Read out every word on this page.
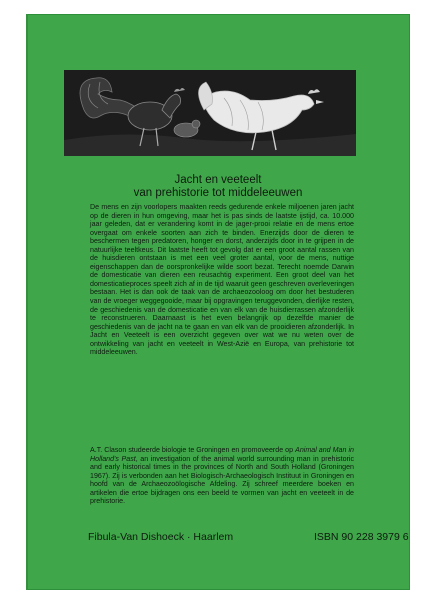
Jacht en veeteelt
van prehistorie tot middeleeuwen

De mens en zijn voorlopers maakten reeds gedurende enkele miljoenen jaren jacht op de dieren in hun omgeving, maar het is pas sinds de laatste ijstijd, ca. 10.000 jaar geleden, dat er verandering komt in de jager-prooi relatie en de mens ertoe overgaat om enkele soorten aan zich te binden. Enerzijds door de dieren te beschermen tegen predatoren, honger en dorst, anderzijds door in te grijpen in de natuurlijke teeltkeus. Dit laatste heeft tot gevolg dat er een groot aantal rassen van de huisdieren ontstaan is met een veel groter aantal, voor de mens, nuttige eigenschappen dan de oorspronkelijke wilde soort bezat. Terecht noemde Darwin de domesticatie van dieren een reusachtig experiment. Een groot deel van het domesticatieproces speelt zich af in de tijd waaruit geen geschreven overleveringen bestaan. Het is dan ook de taak van de archaeozooloog om door het bestuderen van de vroeger weggegooide, maar bij opgravingen teruggevonden, dierlijke resten, de geschiedenis van de domesticatie en van elk van de huisdierrassen afzonderlijk te reconstrueren. Daarnaast is het even belangrijk op dezelfde manier de geschiedenis van de jacht na te gaan en van elk van de prooidieren afzonderlijk. In Jacht en Veeteelt is een overzicht gegeven over wat we nu weten over de ontwikkeling van jacht en veeteelt in West-Azië en Europa, van prehistorie tot middeleeuwen.

A.T. Clason studeerde biologie te Groningen en promoveerde op Animal and Man in Holland's Past, an investigation of the animal world surrounding man in prehistoric and early historical times in the provinces of North and South Holland (Groningen 1967). Zij is verbonden aan het Biologisch-Archaeologisch Instituut in Groningen en hoofd van de Archaeozoölogische Afdeling. Zij schreef meerdere boeken en artikelen die ertoe bijdragen ons een beeld te vormen van jacht en veeteelt in de prehistorie.

Fibula-Van Dishoeck · Haarlem	ISBN 90 228 3979 6
